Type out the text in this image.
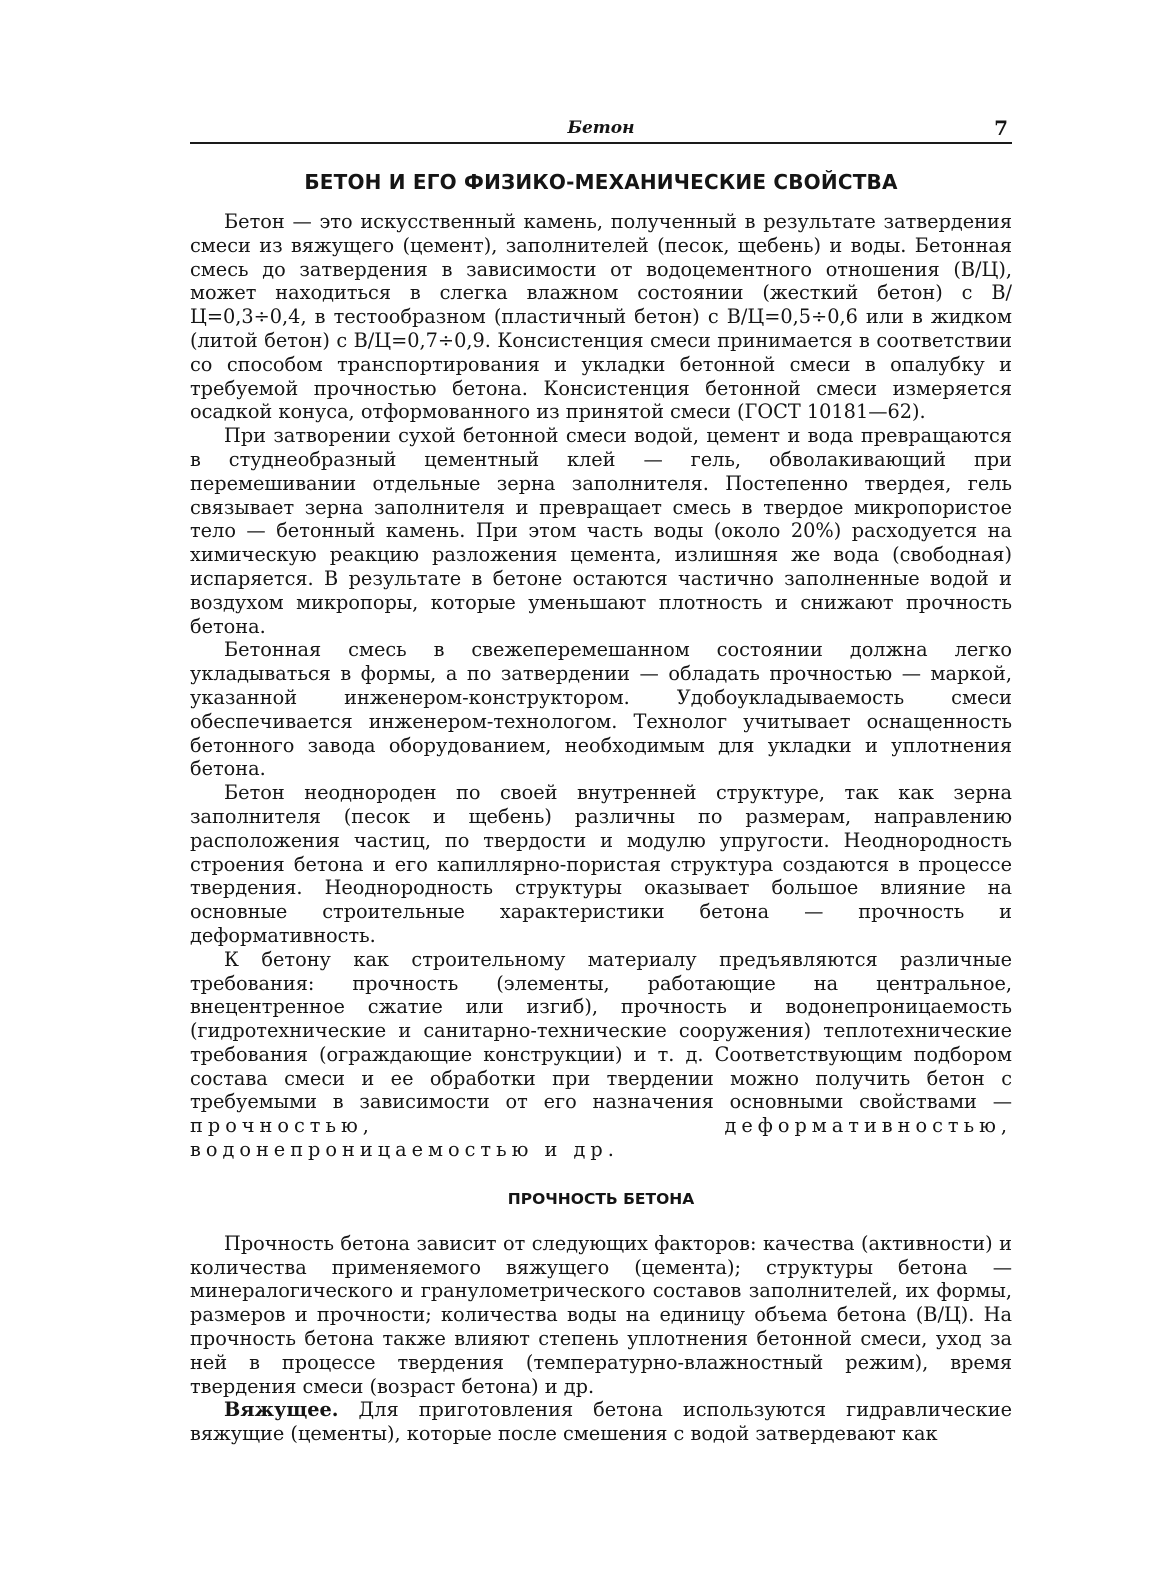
Бетон	7
БЕТОН И ЕГО ФИЗИКО-МЕХАНИЧЕСКИЕ СВОЙСТВА

Бетон — это искусственный камень, полученный в результате затвердения смеси из вяжущего (цемент), заполнителей (песок, щебень) и воды. Бетонная смесь до затвердения в зависимости от водоцементного отношения (В/Ц), может находиться в слегка влажном состоянии (жесткий бетон) с В/Ц=0,3÷0,4, в тестообразном (пластичный бетон) с В/Ц=0,5÷0,6 или в жидком (литой бетон) с В/Ц=0,7÷0,9. Консистенция смеси принимается в соответствии со способом транспортирования и укладки бетонной смеси в опалубку и требуемой прочностью бетона. Консистенция бетонной смеси измеряется осадкой конуса, отформованного из принятой смеси (ГОСТ 10181—62).

При затворении сухой бетонной смеси водой, цемент и вода превращаются в студнеобразный цементный клей — гель, обволакивающий при перемешивании отдельные зерна заполнителя. Постепенно твердея, гель связывает зерна заполнителя и превращает смесь в твердое микропористое тело — бетонный камень. При этом часть воды (около 20%) расходуется на химическую реакцию разложения цемента, излишняя же вода (свободная) испаряется. В результате в бетоне остаются частично заполненные водой и воздухом микропоры, которые уменьшают плотность и снижают прочность бетона.

Бетонная смесь в свежеперемешанном состоянии должна легко укладываться в формы, а по затвердении — обладать прочностью — маркой, указанной инженером-конструктором. Удобоукладываемость смеси обеспечивается инженером-технологом. Технолог учитывает оснащенность бетонного завода оборудованием, необходимым для укладки и уплотнения бетона.

Бетон неоднороден по своей внутренней структуре, так как зерна заполнителя (песок и щебень) различны по размерам, направлению расположения частиц, по твердости и модулю упругости. Неоднородность строения бетона и его капиллярно-пористая структура создаются в процессе твердения. Неоднородность структуры оказывает большое влияние на основные строительные характеристики бетона — прочность и деформативность.

К бетону как строительному материалу предъявляются различные требования: прочность (элементы, работающие на центральное, внецентренное сжатие или изгиб), прочность и водонепроницаемость (гидротехнические и санитарно-технические сооружения) теплотехнические требования (ограждающие конструкции) и т. д. Соответствующим подбором состава смеси и ее обработки при твердении можно получить бетон с требуемыми в зависимости от его назначения основными свойствами — прочностью, деформативностью, водонепроницаемостью и др.

ПРОЧНОСТЬ БЕТОНА

Прочность бетона зависит от следующих факторов: качества (активности) и количества применяемого вяжущего (цемента); структуры бетона — минералогического и гранулометрического составов заполнителей, их формы, размеров и прочности; количества воды на единицу объема бетона (В/Ц). На прочность бетона также влияют степень уплотнения бетонной смеси, уход за ней в процессе твердения (температурно-влажностный режим), время твердения смеси (возраст бетона) и др.

Вяжущее. Для приготовления бетона используются гидравлические вяжущие (цементы), которые после смешения с водой затвердевают как
